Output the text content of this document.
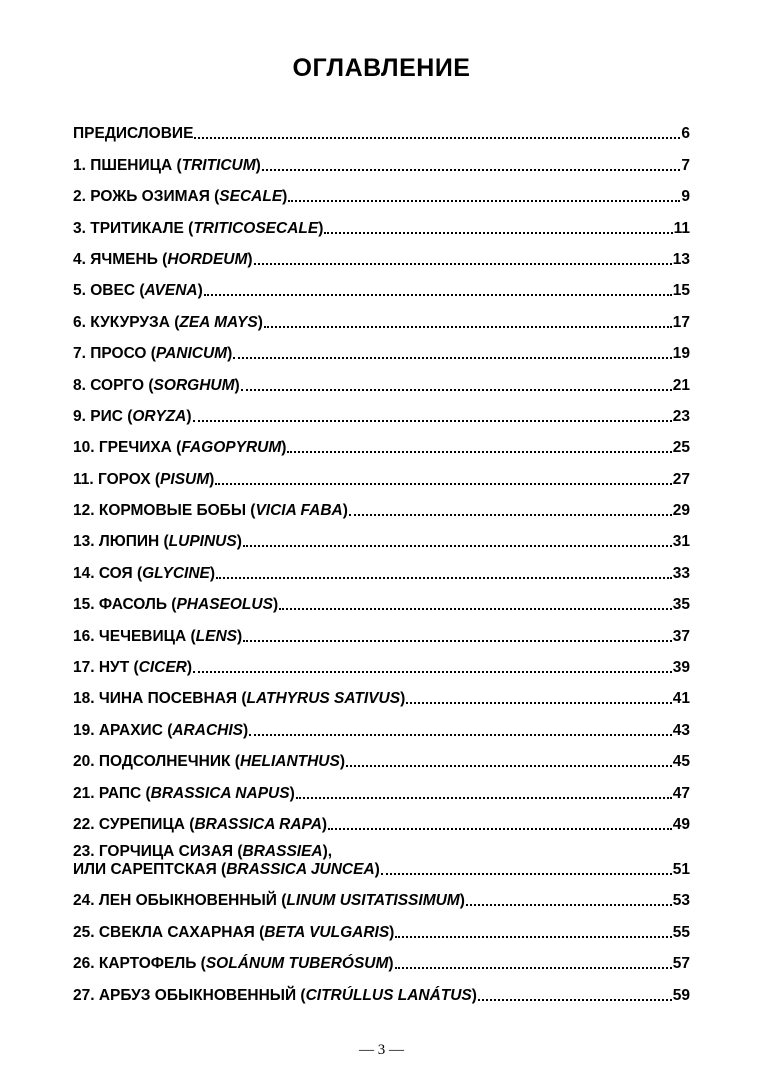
ОГЛАВЛЕНИЕ
ПРЕДИСЛОВИЕ	6
1. ПШЕНИЦА (TRITICUM)	7
2. РОЖЬ ОЗИМАЯ (SECALE)	9
3. ТРИТИКАЛЕ (TRITICOSECALE)	11
4. ЯЧМЕНЬ (HORDEUM)	13
5. ОВЕС (AVENA)	15
6. КУКУРУЗА (ZEA MAYS)	17
7. ПРОСО (PANICUM)	19
8. СОРГО (SORGHUM)	21
9. РИС (ORYZA)	23
10. ГРЕЧИХА (FAGOPYRUM)	25
11. ГОРОХ (PISUM)	27
12. КОРМОВЫЕ БОБЫ (VICIA FABA)	29
13. ЛЮПИН (LUPINUS)	31
14. СОЯ (GLYCINE)	33
15. ФАСОЛЬ (PHASEOLUS)	35
16. ЧЕЧЕВИЦА (LENS)	37
17. НУТ (CICER)	39
18. ЧИНА ПОСЕВНАЯ (LATHYRUS SATIVUS)	41
19. АРАХИС (ARACHIS)	43
20. ПОДСОЛНЕЧНИК (HELIANTHUS)	45
21. РАПС (BRASSICA NAPUS)	47
22. СУРЕПИЦА (BRASSICA RAPA)	49
23. ГОРЧИЦА СИЗАЯ (BRASSIEA),
ИЛИ САРЕПТСКАЯ (BRASSICA JUNCEA)	51
24. ЛЕН ОБЫКНОВЕННЫЙ (LINUM USITATISSIMUM)	53
25. СВЕКЛА САХАРНАЯ (BETA VULGARIS)	55
26. КАРТОФЕЛЬ (SOLÁNUM TUBERÓSUM)	57
27. АРБУЗ ОБЫКНОВЕННЫЙ (CITRÚLLUS LANÁTUS)	59
— 3 —
